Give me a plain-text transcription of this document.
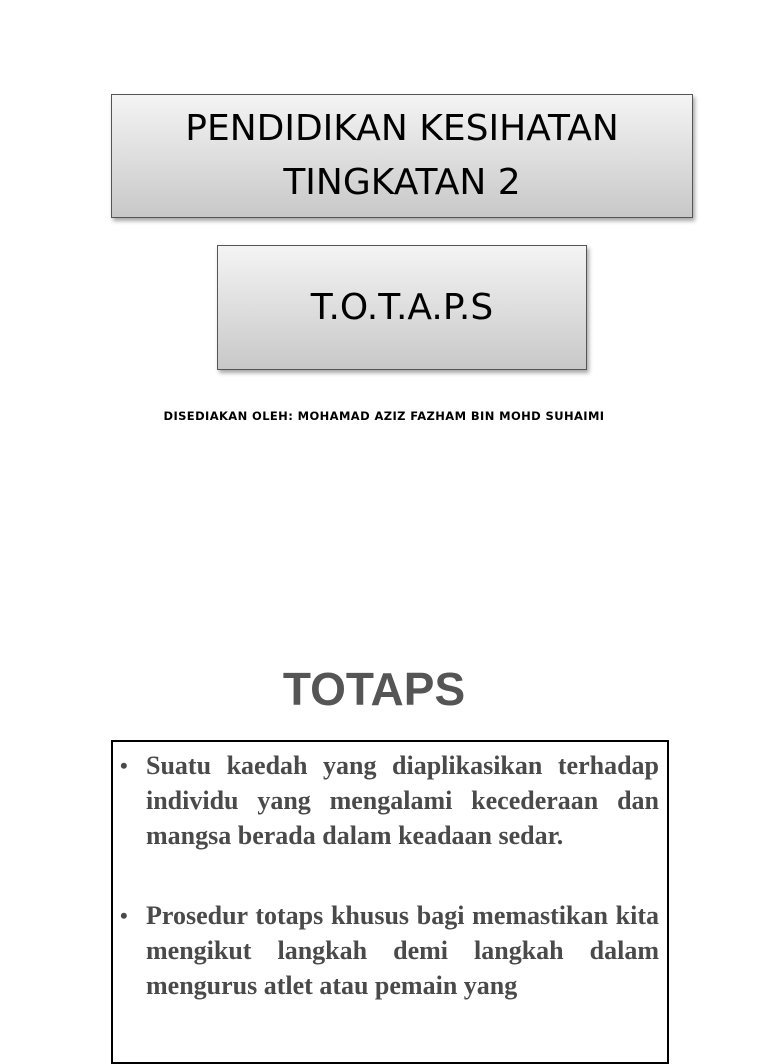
PENDIDIKAN KESIHATAN
TINGKATAN 2
T.O.T.A.P.S
DISEDIAKAN OLEH: MOHAMAD AZIZ FAZHAM BIN MOHD SUHAIMI
TOTAPS
• Suatu kaedah yang diaplikasikan terhadap individu yang mengalami kecederaan dan mangsa berada dalam keadaan sedar.
• Prosedur totaps khusus bagi memastikan kita mengikut langkah demi langkah dalam mengurus atlet atau pemain yang
